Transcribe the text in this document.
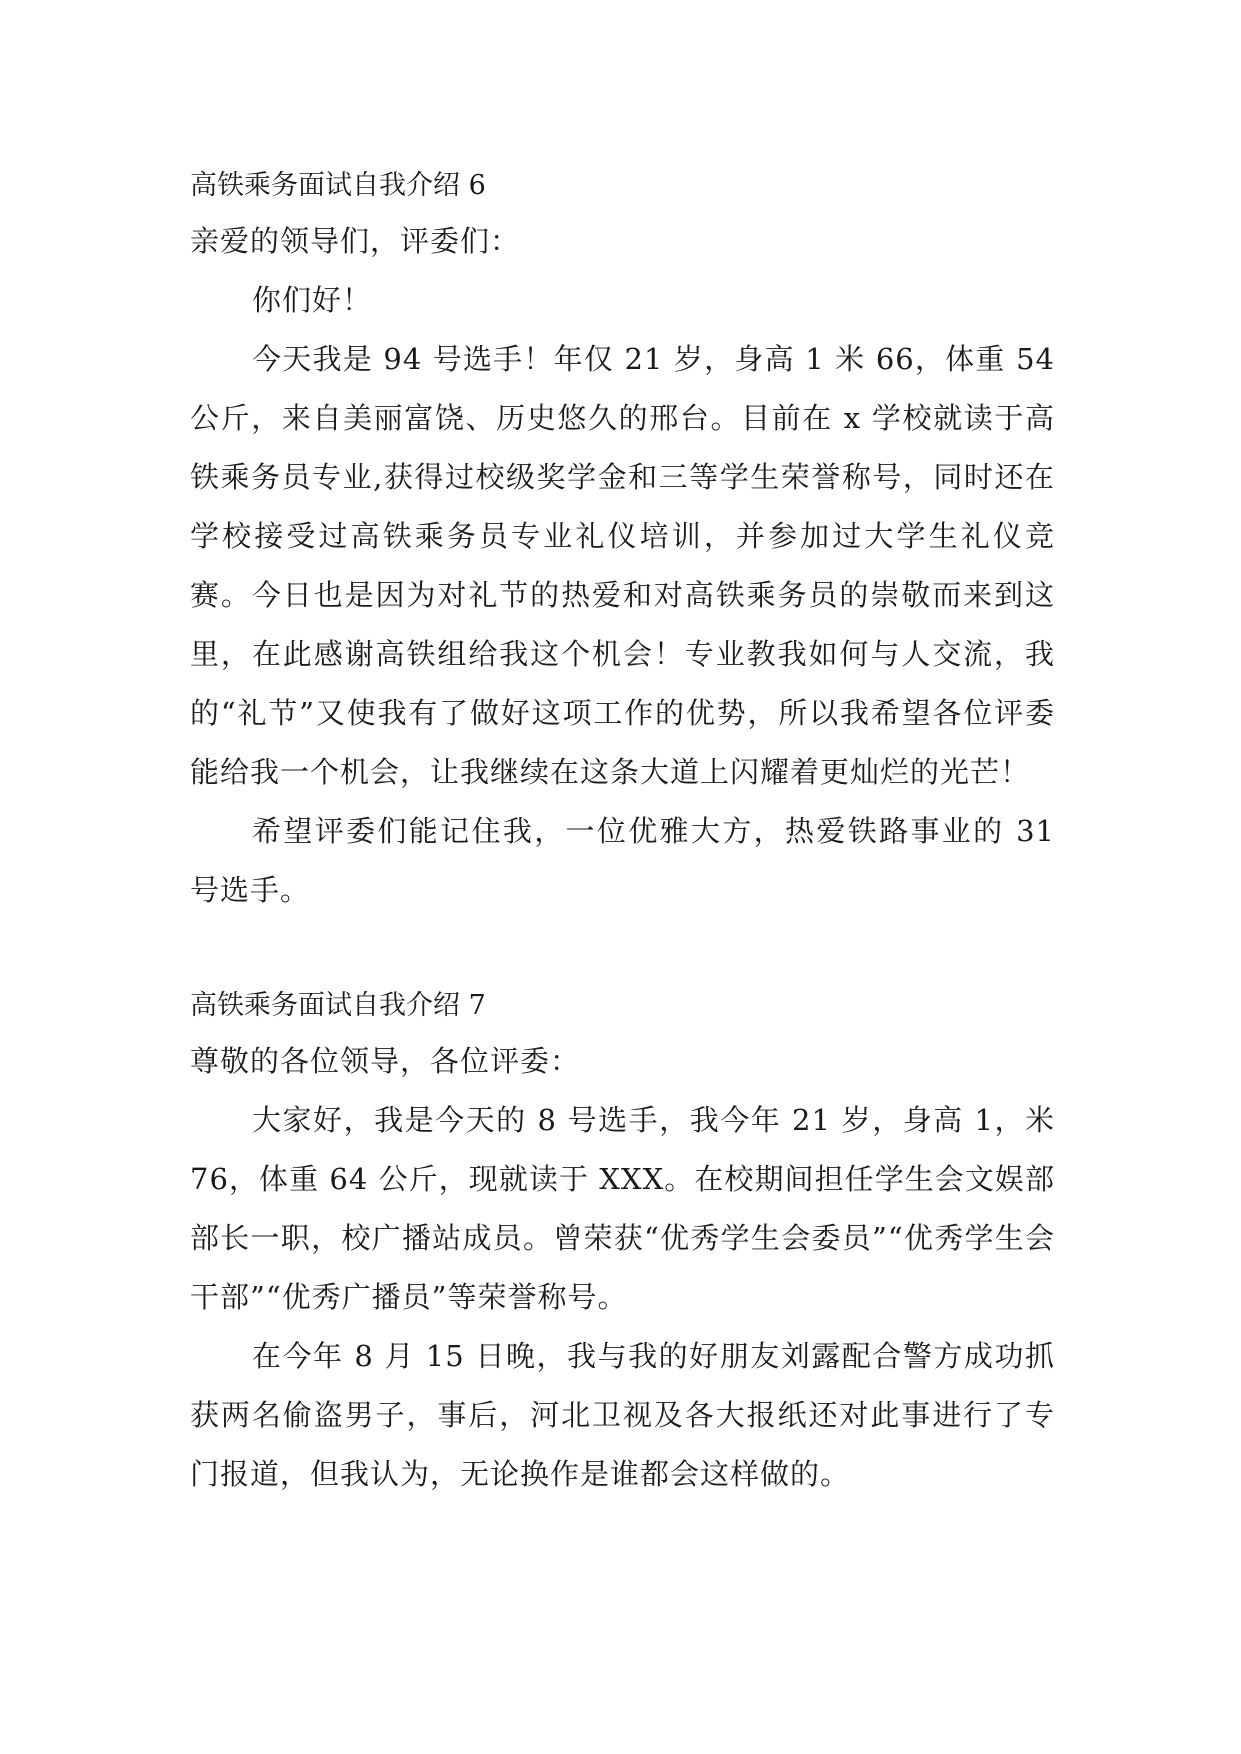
高铁乘务面试自我介绍 6

亲爱的领导们，评委们：

你们好！

今天我是 94 号选手！年仅 21 岁，身高 1 米 66，体重 54 公斤，来自美丽富饶、历史悠久的邢台。目前在 x 学校就读于高铁乘务员专业,获得过校级奖学金和三等学生荣誉称号，同时还在学校接受过高铁乘务员专业礼仪培训，并参加过大学生礼仪竞赛。今日也是因为对礼节的热爱和对高铁乘务员的崇敬而来到这里，在此感谢高铁组给我这个机会！专业教我如何与人交流，我的“礼节”又使我有了做好这项工作的优势，所以我希望各位评委能给我一个机会，让我继续在这条大道上闪耀着更灿烂的光芒！

希望评委们能记住我，一位优雅大方，热爱铁路事业的 31 号选手。

高铁乘务面试自我介绍 7

尊敬的各位领导，各位评委：

大家好，我是今天的 8 号选手，我今年 21 岁，身高 1，米 76，体重 64 公斤，现就读于 XXX。在校期间担任学生会文娱部部长一职，校广播站成员。曾荣获“优秀学生会委员”“优秀学生会干部”“优秀广播员”等荣誉称号。

在今年 8 月 15 日晚，我与我的好朋友刘露配合警方成功抓获两名偷盗男子，事后，河北卫视及各大报纸还对此事进行了专门报道，但我认为，无论换作是谁都会这样做的。
